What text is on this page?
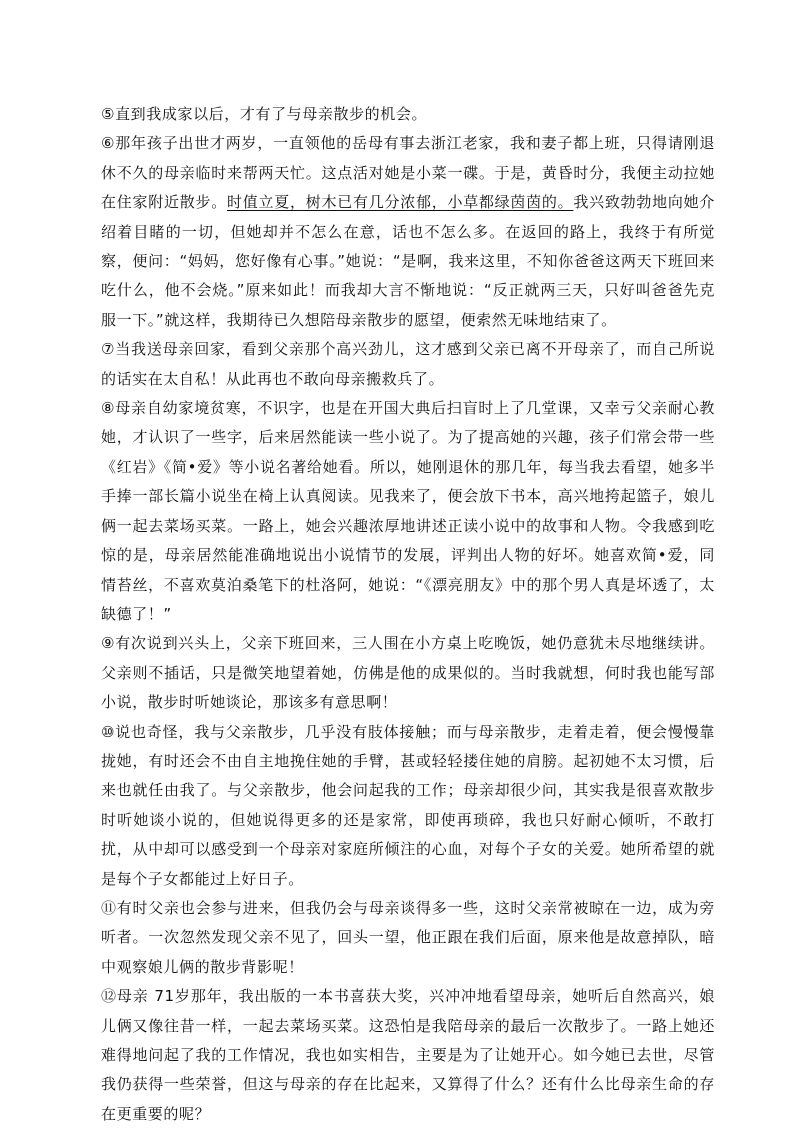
⑤直到我成家以后，才有了与母亲散步的机会。

⑥那年孩子出世才两岁，一直领他的岳母有事去浙江老家，我和妻子都上班，只得请刚退休不久的母亲临时来帮两天忙。这点活对她是小菜一碟。于是，黄昏时分，我便主动拉她在住家附近散步。时值立夏，树木已有几分浓郁，小草都绿茵茵的。我兴致勃勃地向她介绍着目睹的一切，但她却并不怎么在意，话也不怎么多。在返回的路上，我终于有所觉察，便问：“妈妈，您好像有心事。”她说：“是啊，我来这里，不知你爸爸这两天下班回来吃什么，他不会烧。”原来如此！而我却大言不惭地说：“反正就两三天，只好叫爸爸先克服一下。”就这样，我期待已久想陪母亲散步的愿望，便索然无味地结束了。

⑦当我送母亲回家，看到父亲那个高兴劲儿，这才感到父亲已离不开母亲了，而自己所说的话实在太自私！从此再也不敢向母亲搬救兵了。

⑧母亲自幼家境贫寒，不识字，也是在开国大典后扫盲时上了几堂课，又幸亏父亲耐心教她，才认识了一些字，后来居然能读一些小说了。为了提高她的兴趣，孩子们常会带一些《红岩》《简•爱》等小说名著给她看。所以，她刚退休的那几年，每当我去看望，她多半手捧一部长篇小说坐在椅上认真阅读。见我来了，便会放下书本，高兴地挎起篮子，娘儿俩一起去菜场买菜。一路上，她会兴趣浓厚地讲述正读小说中的故事和人物。令我感到吃惊的是，母亲居然能准确地说出小说情节的发展，评判出人物的好坏。她喜欢简•爱，同情苔丝，不喜欢莫泊桑笔下的杜洛阿，她说：“《漂亮朋友》中的那个男人真是坏透了，太缺德了！”

⑨有次说到兴头上，父亲下班回来，三人围在小方桌上吃晚饭，她仍意犹未尽地继续讲。父亲则不插话，只是微笑地望着她，仿佛是他的成果似的。当时我就想，何时我也能写部小说，散步时听她谈论，那该多有意思啊！

⑩说也奇怪，我与父亲散步，几乎没有肢体接触；而与母亲散步，走着走着，便会慢慢靠拢她，有时还会不由自主地挽住她的手臂，甚或轻轻搂住她的肩膀。起初她不太习惯，后来也就任由我了。与父亲散步，他会问起我的工作；母亲却很少问，其实我是很喜欢散步时听她谈小说的，但她说得更多的还是家常，即使再琐碎，我也只好耐心倾听，不敢打扰，从中却可以感受到一个母亲对家庭所倾注的心血，对每个子女的关爱。她所希望的就是每个子女都能过上好日子。

⑪有时父亲也会参与进来，但我仍会与母亲谈得多一些，这时父亲常被晾在一边，成为旁听者。一次忽然发现父亲不见了，回头一望，他正跟在我们后面，原来他是故意掉队，暗中观察娘儿俩的散步背影呢！

⑫母亲 71岁那年，我出版的一本书喜获大奖，兴冲冲地看望母亲，她听后自然高兴，娘儿俩又像往昔一样，一起去菜场买菜。这恐怕是我陪母亲的最后一次散步了。一路上她还难得地问起了我的工作情况，我也如实相告，主要是为了让她开心。如今她已去世，尽管我仍获得一些荣誉，但这与母亲的存在比起来，又算得了什么？还有什么比母亲生命的存在更重要的呢？
